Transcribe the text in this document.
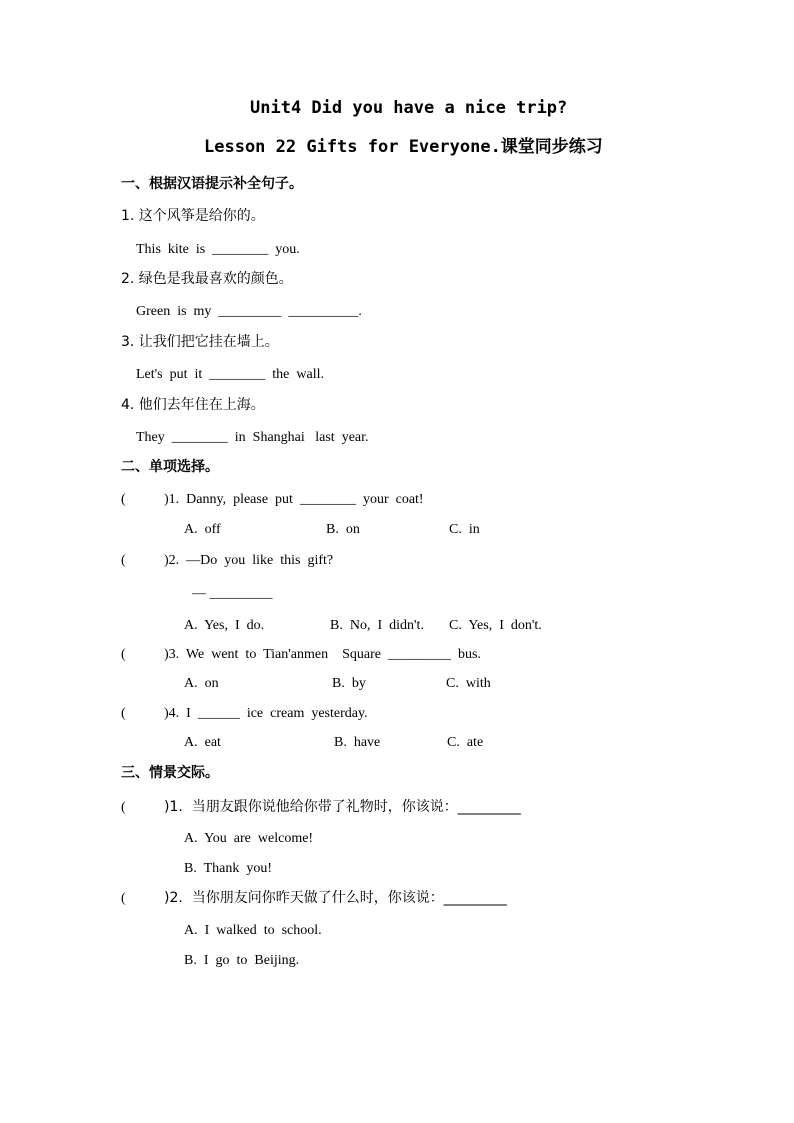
Unit4 Did you have a nice trip?
Lesson 22 Gifts for Everyone.课堂同步练习
一、根据汉语提示补全句子。
1. 这个风筝是给你的。
This  kite  is  ________  you.
2. 绿色是我最喜欢的颜色。
Green  is  my  _________  __________.
3. 让我们把它挂在墙上。
Let's  put  it  ________  the  wall.
4. 他们去年住在上海。
They  ________  in  Shanghai   last  year.
二、单项选择。
(	)1.  Danny,  please  put  ________  your  coat!
A.  off	B.  on	C.  in
(	)2.  —Do  you  like  this  gift?
— _________
A.  Yes,  I  do.	B.  No,  I  didn't. C.  Yes,  I  don't.
(	)3.  We  went  to  Tian'anmen    Square  _________  bus.
A.  on	B.  by	C.  with
(	)4.  I  ______  ice  cream  yesterday.
A.  eat	B.  have	C.  ate
三、情景交际。
(	)1.  当朋友跟你说他给你带了礼物时，你该说：_________
A.  You  are  welcome!
B.  Thank  you!
(	)2.  当你朋友问你昨天做了什么时，你该说：_________
A.  I  walked  to  school.
B.  I  go  to  Beijing.
